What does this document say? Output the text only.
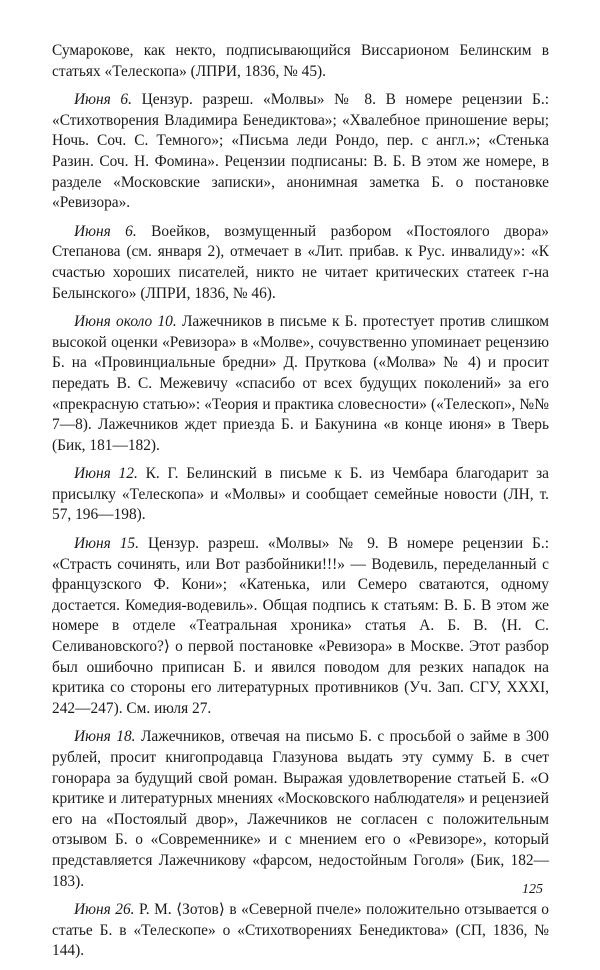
Сумарокове, как некто, подписывающийся Виссарионом Белинским в статьях «Телескопа» (ЛПРИ, 1836, № 45).

Июня 6. Цензур. разреш. «Молвы» № 8. В номере рецензии Б.: «Стихотворения Владимира Бенедиктова»; «Хвалебное приношение веры; Ночь. Соч. С. Темного»; «Письма леди Рондо, пер. с англ.»; «Стенька Разин. Соч. Н. Фомина». Рецензии подписаны: В. Б. В этом же номере, в разделе «Московские записки», анонимная заметка Б. о постановке «Ревизора».

Июня 6. Воейков, возмущенный разбором «Постоялого двора» Степанова (см. января 2), отмечает в «Лит. прибав. к Рус. инвалиду»: «К счастью хороших писателей, никто не читает критических статеек г-на Белынского» (ЛПРИ, 1836, № 46).

Июня около 10. Лажечников в письме к Б. протестует против слишком высокой оценки «Ревизора» в «Молве», сочувственно упоминает рецензию Б. на «Провинциальные бредни» Д. Пруткова («Молва» № 4) и просит передать В. С. Межевичу «спасибо от всех будущих поколений» за его «прекрасную статью»: «Теория и практика словесности» («Телескоп», №№ 7—8). Лажечников ждет приезда Б. и Бакунина «в конце июня» в Тверь (Бик, 181—182).

Июня 12. К. Г. Белинский в письме к Б. из Чембара благодарит за присылку «Телескопа» и «Молвы» и сообщает семейные новости (ЛН, т. 57, 196—198).

Июня 15. Цензур. разреш. «Молвы» № 9. В номере рецензии Б.: «Страсть сочинять, или Вот разбойники!!!» — Водевиль, переделанный с французского Ф. Кони»; «Катенька, или Семеро сватаются, одному достается. Комедия-водевиль». Общая подпись к статьям: В. Б. В этом же номере в отделе «Театральная хроника» статья А. Б. В. ⟨Н. С. Селивановского?⟩ о первой постановке «Ревизора» в Москве. Этот разбор был ошибочно приписан Б. и явился поводом для резких нападок на критика со стороны его литературных противников (Уч. Зап. СГУ, XXXI, 242—247). См. июля 27.

Июня 18. Лажечников, отвечая на письмо Б. с просьбой о займе в 300 рублей, просит книгопродавца Глазунова выдать эту сумму Б. в счет гонорара за будущий свой роман. Выражая удовлетворение статьей Б. «О критике и литературных мнениях «Московского наблюдателя» и рецензией его на «Постоялый двор», Лажечников не согласен с положительным отзывом Б. о «Современнике» и с мнением его о «Ревизоре», который представляется Лажечникову «фарсом, недостойным Гоголя» (Бик, 182—183).

Июня 26. Р. М. ⟨Зотов⟩ в «Северной пчеле» положительно отзывается о статье Б. в «Телескопе» о «Стихотворениях Бенедиктова» (СП, 1836, № 144).

125
